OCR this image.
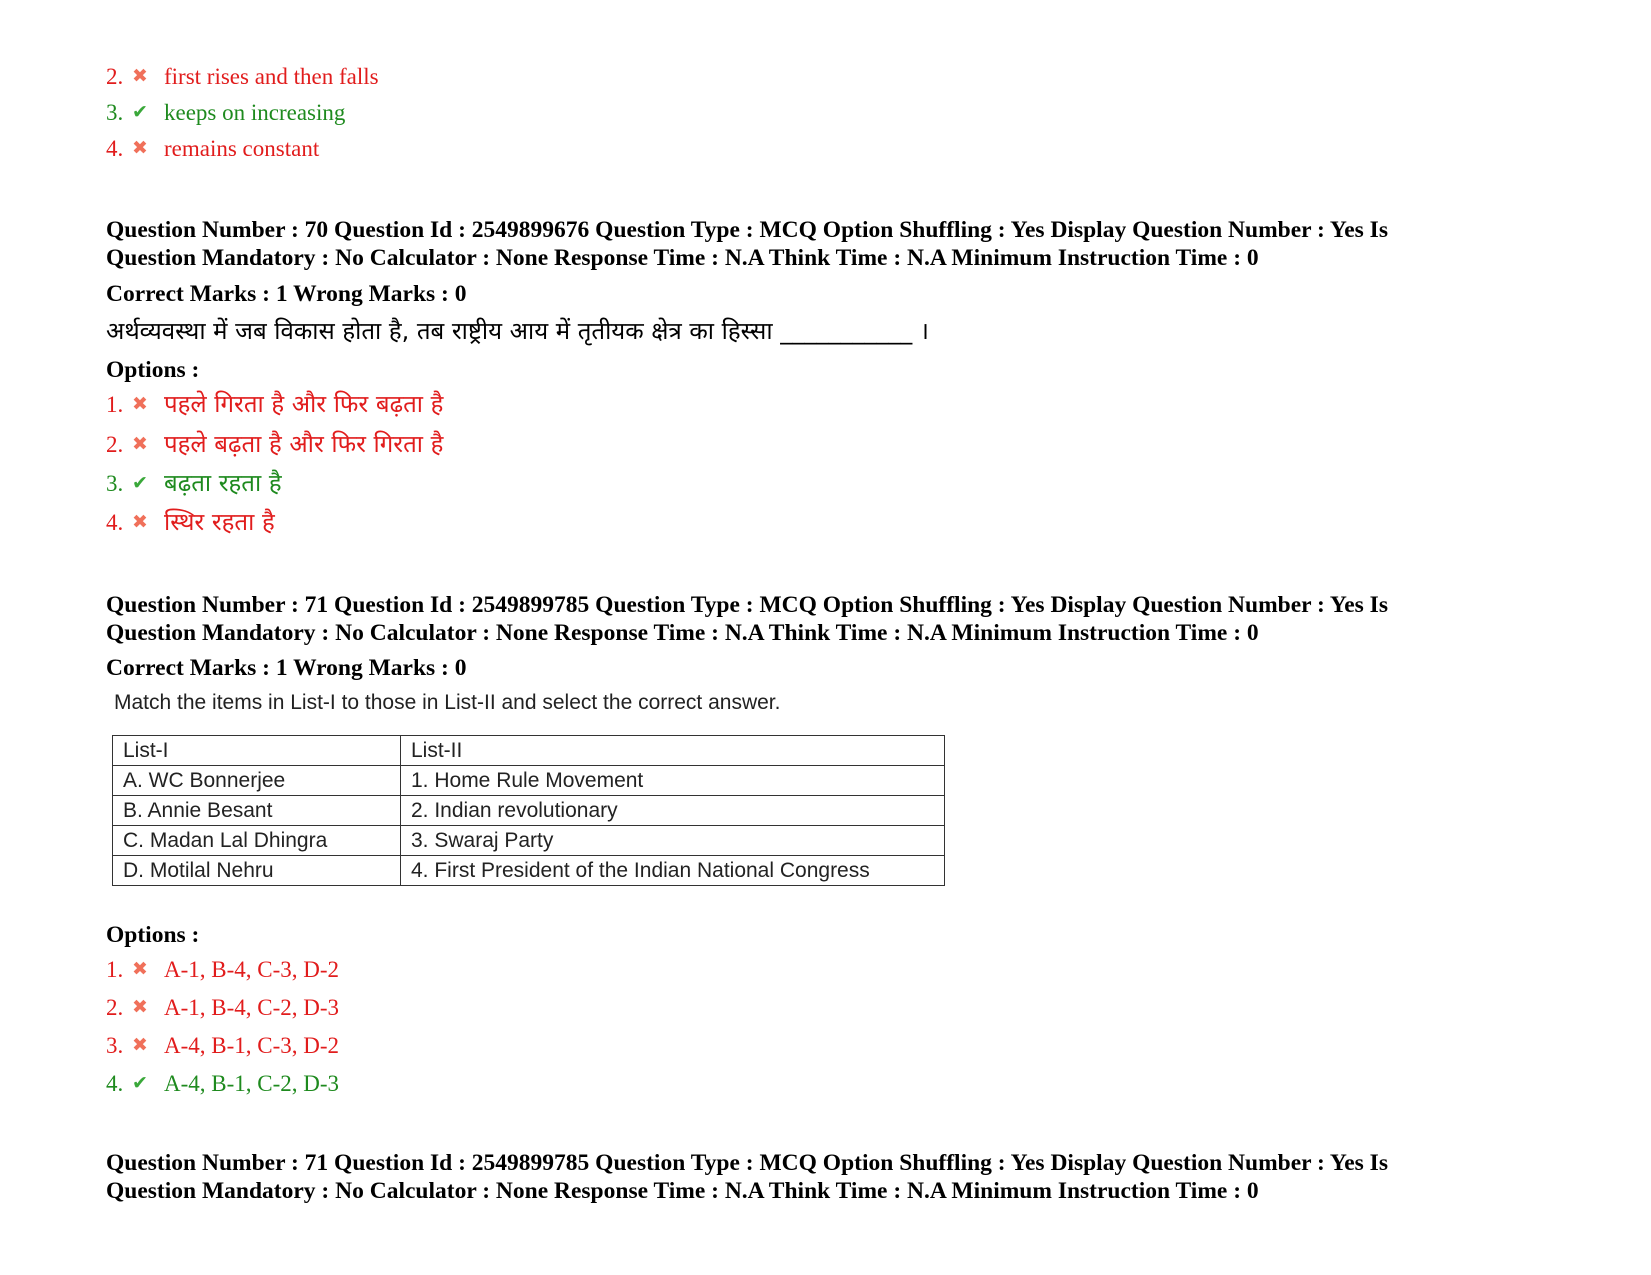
2. ✖ first rises and then falls
3. ✔ keeps on increasing
4. ✖ remains constant
Question Number : 70 Question Id : 2549899676 Question Type : MCQ Option Shuffling : Yes Display Question Number : Yes Is
Question Mandatory : No Calculator : None Response Time : N.A Think Time : N.A Minimum Instruction Time : 0
Correct Marks : 1 Wrong Marks : 0
अर्थव्यवस्था में जब विकास होता है, तब राष्ट्रीय आय में तृतीयक क्षेत्र का हिस्सा ___________ ।
Options :
1. ✖ पहले गिरता है और फिर बढ़ता है
2. ✖ पहले बढ़ता है और फिर गिरता है
3. ✔ बढ़ता रहता है
4. ✖ स्थिर रहता है
Question Number : 71 Question Id : 2549899785 Question Type : MCQ Option Shuffling : Yes Display Question Number : Yes Is
Question Mandatory : No Calculator : None Response Time : N.A Think Time : N.A Minimum Instruction Time : 0
Correct Marks : 1 Wrong Marks : 0
Match the items in List-I to those in List-II and select the correct answer.
List-I	List-II
A. WC Bonnerjee	1. Home Rule Movement
B. Annie Besant	2. Indian revolutionary
C. Madan Lal Dhingra	3. Swaraj Party
D. Motilal Nehru	4. First President of the Indian National Congress
Options :
1. ✖ A-1, B-4, C-3, D-2
2. ✖ A-1, B-4, C-2, D-3
3. ✖ A-4, B-1, C-3, D-2
4. ✔ A-4, B-1, C-2, D-3
Question Number : 71 Question Id : 2549899785 Question Type : MCQ Option Shuffling : Yes Display Question Number : Yes Is
Question Mandatory : No Calculator : None Response Time : N.A Think Time : N.A Minimum Instruction Time : 0
